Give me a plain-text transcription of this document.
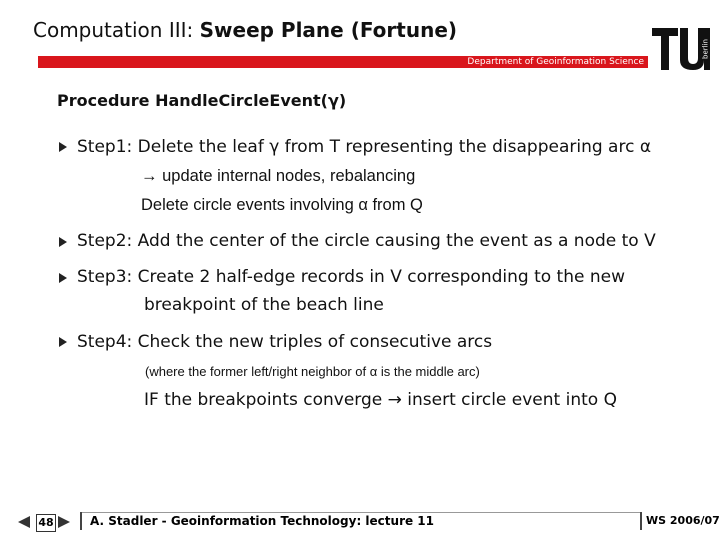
Computation III: Sweep Plane (Fortune)
berlin
Department of Geoinformation Science
Procedure HandleCircleEvent(γ)
Step1: Delete the leaf γ from T representing the disappearing arc α
→ update internal nodes, rebalancing
Delete circle events involving α from Q
Step2: Add the center of the circle causing the event as a node to V
Step3: Create 2 half-edge records in V corresponding to the new
breakpoint of the beach line
Step4: Check the new triples of consecutive arcs
(where the former left/right neighbor of α is the middle arc)
IF the breakpoints converge → insert circle event into Q
48	A. Stadler - Geoinformation Technology: lecture 11	WS 2006/07
